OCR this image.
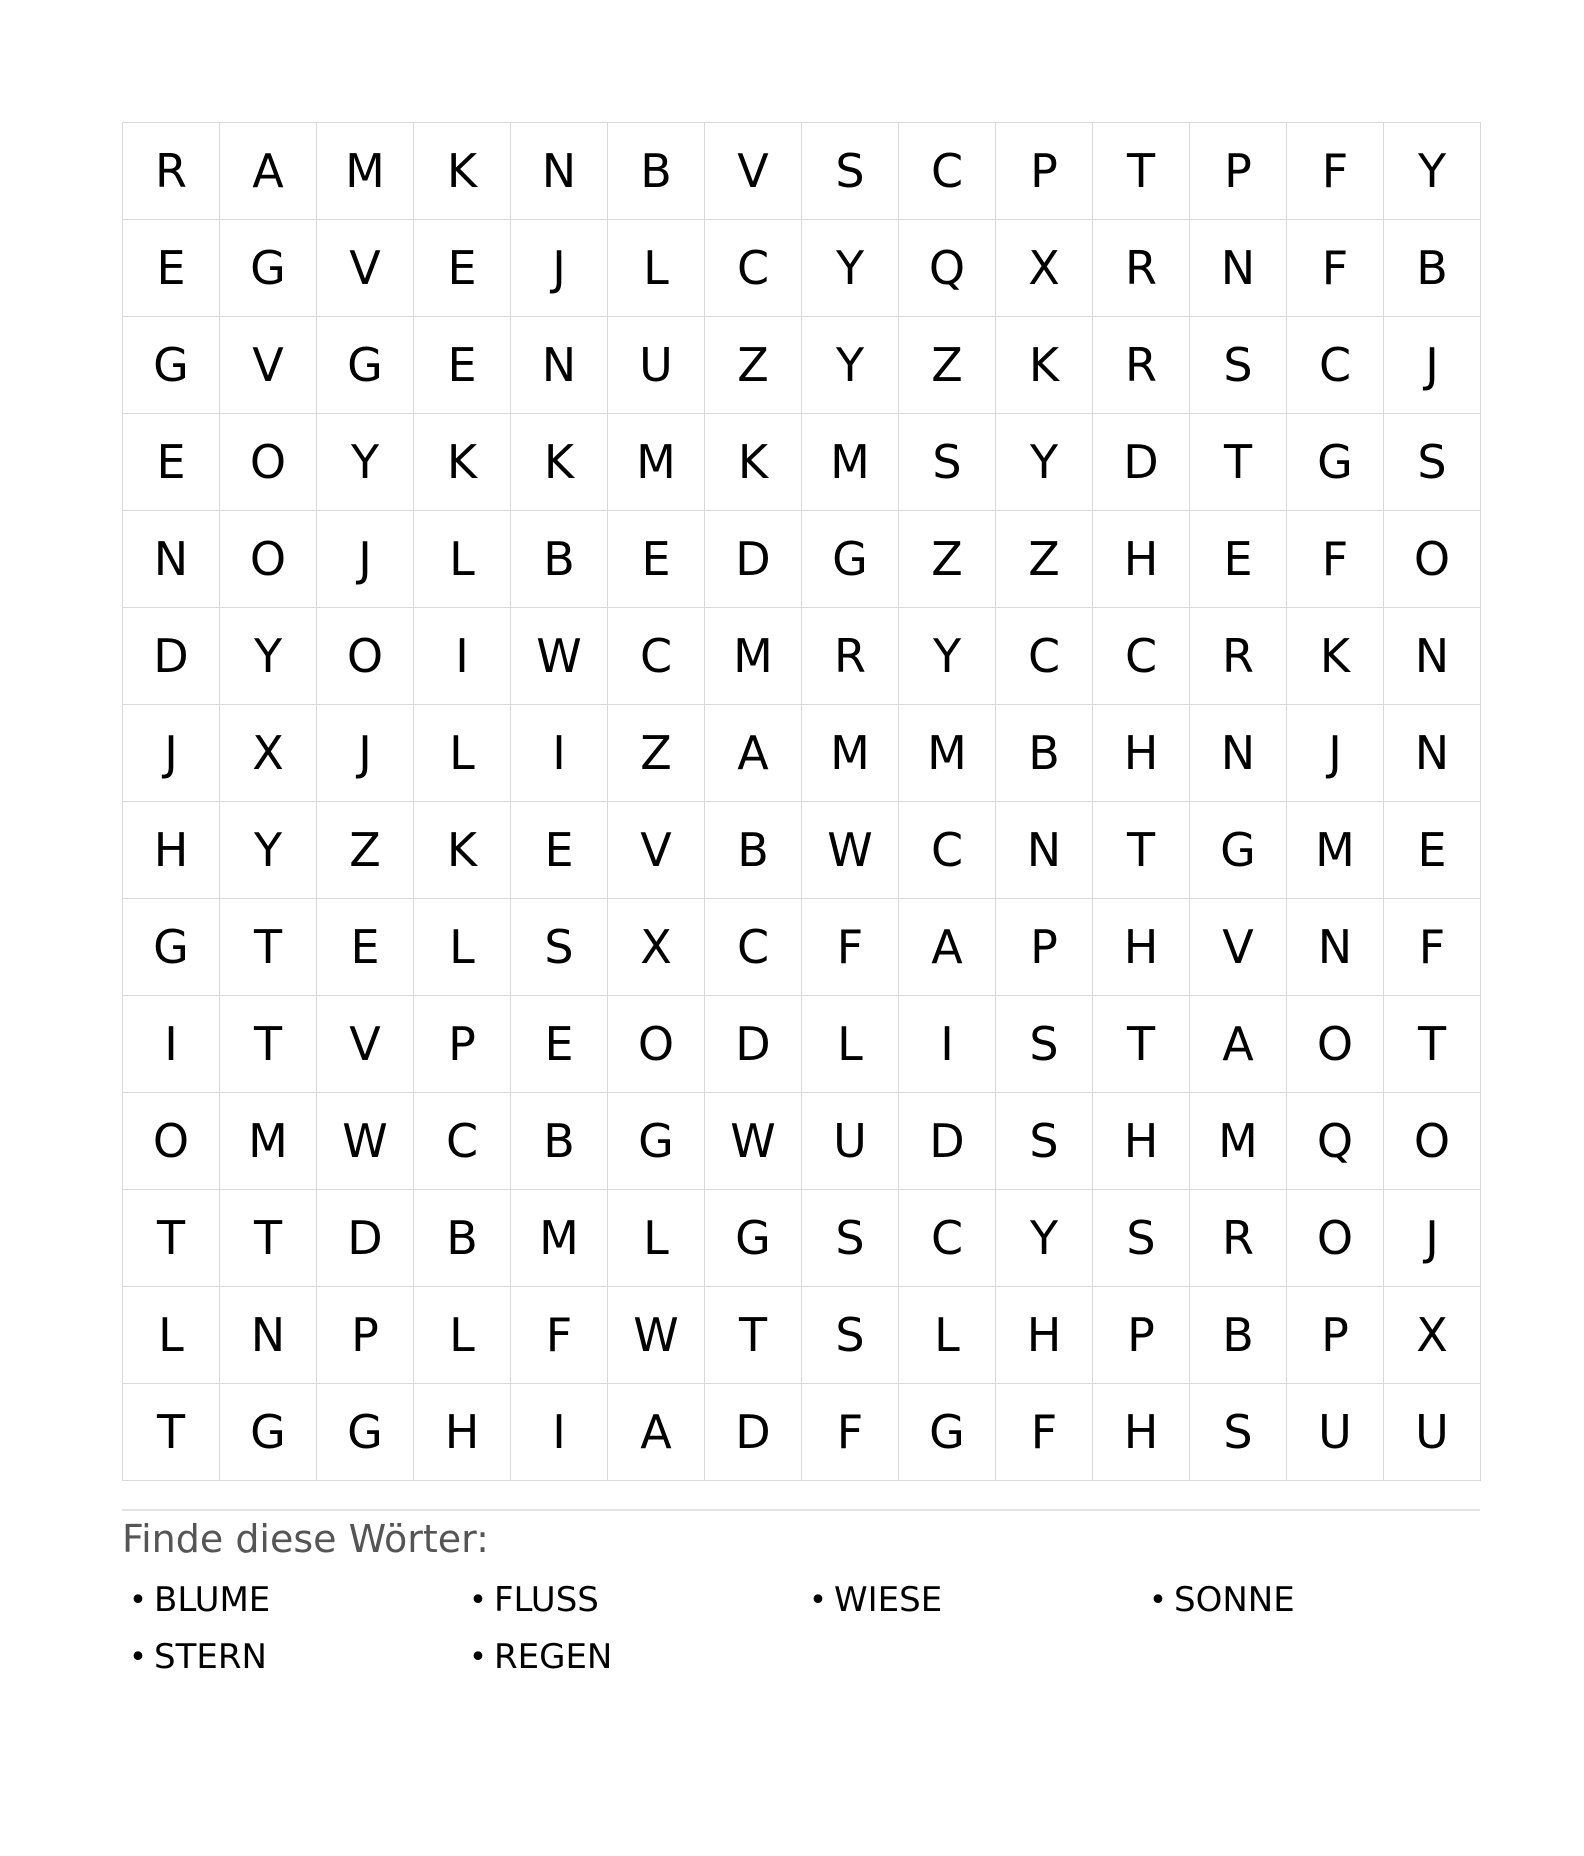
R	A	M	K	N	B	V	S	C	P	T	P	F	Y
E	G	V	E	J	L	C	Y	Q	X	R	N	F	B
G	V	G	E	N	U	Z	Y	Z	K	R	S	C	J
E	O	Y	K	K	M	K	M	S	Y	D	T	G	S
N	O	J	L	B	E	D	G	Z	Z	H	E	F	O
D	Y	O	I	W	C	M	R	Y	C	C	R	K	N
J	X	J	L	I	Z	A	M	M	B	H	N	J	N
H	Y	Z	K	E	V	B	W	C	N	T	G	M	E
G	T	E	L	S	X	C	F	A	P	H	V	N	F
I	T	V	P	E	O	D	L	I	S	T	A	O	T
O	M	W	C	B	G	W	U	D	S	H	M	Q	O
T	T	D	B	M	L	G	S	C	Y	S	R	O	J
L	N	P	L	F	W	T	S	L	H	P	B	P	X
T	G	G	H	I	A	D	F	G	F	H	S	U	U
Finde diese Wörter:
• BLUME	• FLUSS	• WIESE	• SONNE
• STERN	• REGEN
